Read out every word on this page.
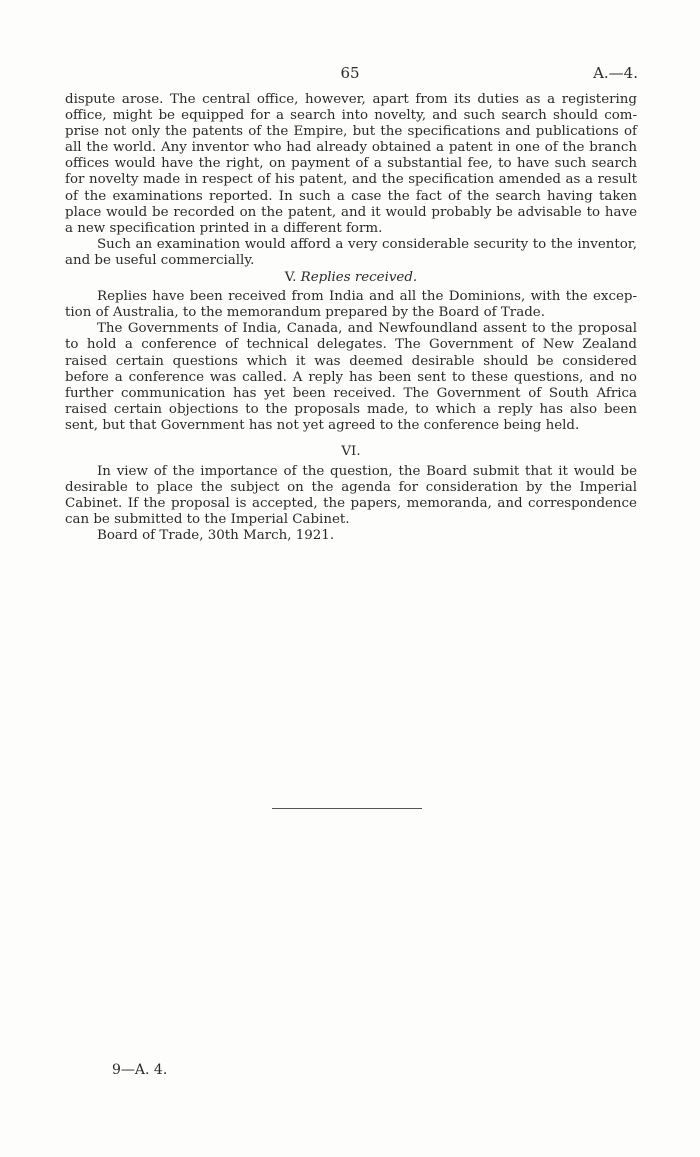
65	A.—4.

dispute arose. The central office, however, apart from its duties as a registering office, might be equipped for a search into novelty, and such search should comprise not only the patents of the Empire, but the specifications and publications of all the world. Any inventor who had already obtained a patent in one of the branch offices would have the right, on payment of a substantial fee, to have such search for novelty made in respect of his patent, and the specification amended as a result of the examinations reported. In such a case the fact of the search having taken place would be recorded on the patent, and it would probably be advisable to have a new specification printed in a different form.

Such an examination would afford a very considerable security to the inventor, and be useful commercially.

V. Replies received.

Replies have been received from India and all the Dominions, with the exception of Australia, to the memorandum prepared by the Board of Trade.

The Governments of India, Canada, and Newfoundland assent to the proposal to hold a conference of technical delegates. The Government of New Zealand raised certain questions which it was deemed desirable should be considered before a conference was called. A reply has been sent to these questions, and no further communication has yet been received. The Government of South Africa raised certain objections to the proposals made, to which a reply has also been sent, but that Government has not yet agreed to the conference being held.

VI.

In view of the importance of the question, the Board submit that it would be desirable to place the subject on the agenda for consideration by the Imperial Cabinet. If the proposal is accepted, the papers, memoranda, and correspondence can be submitted to the Imperial Cabinet.

Board of Trade, 30th March, 1921.

9—A. 4.
